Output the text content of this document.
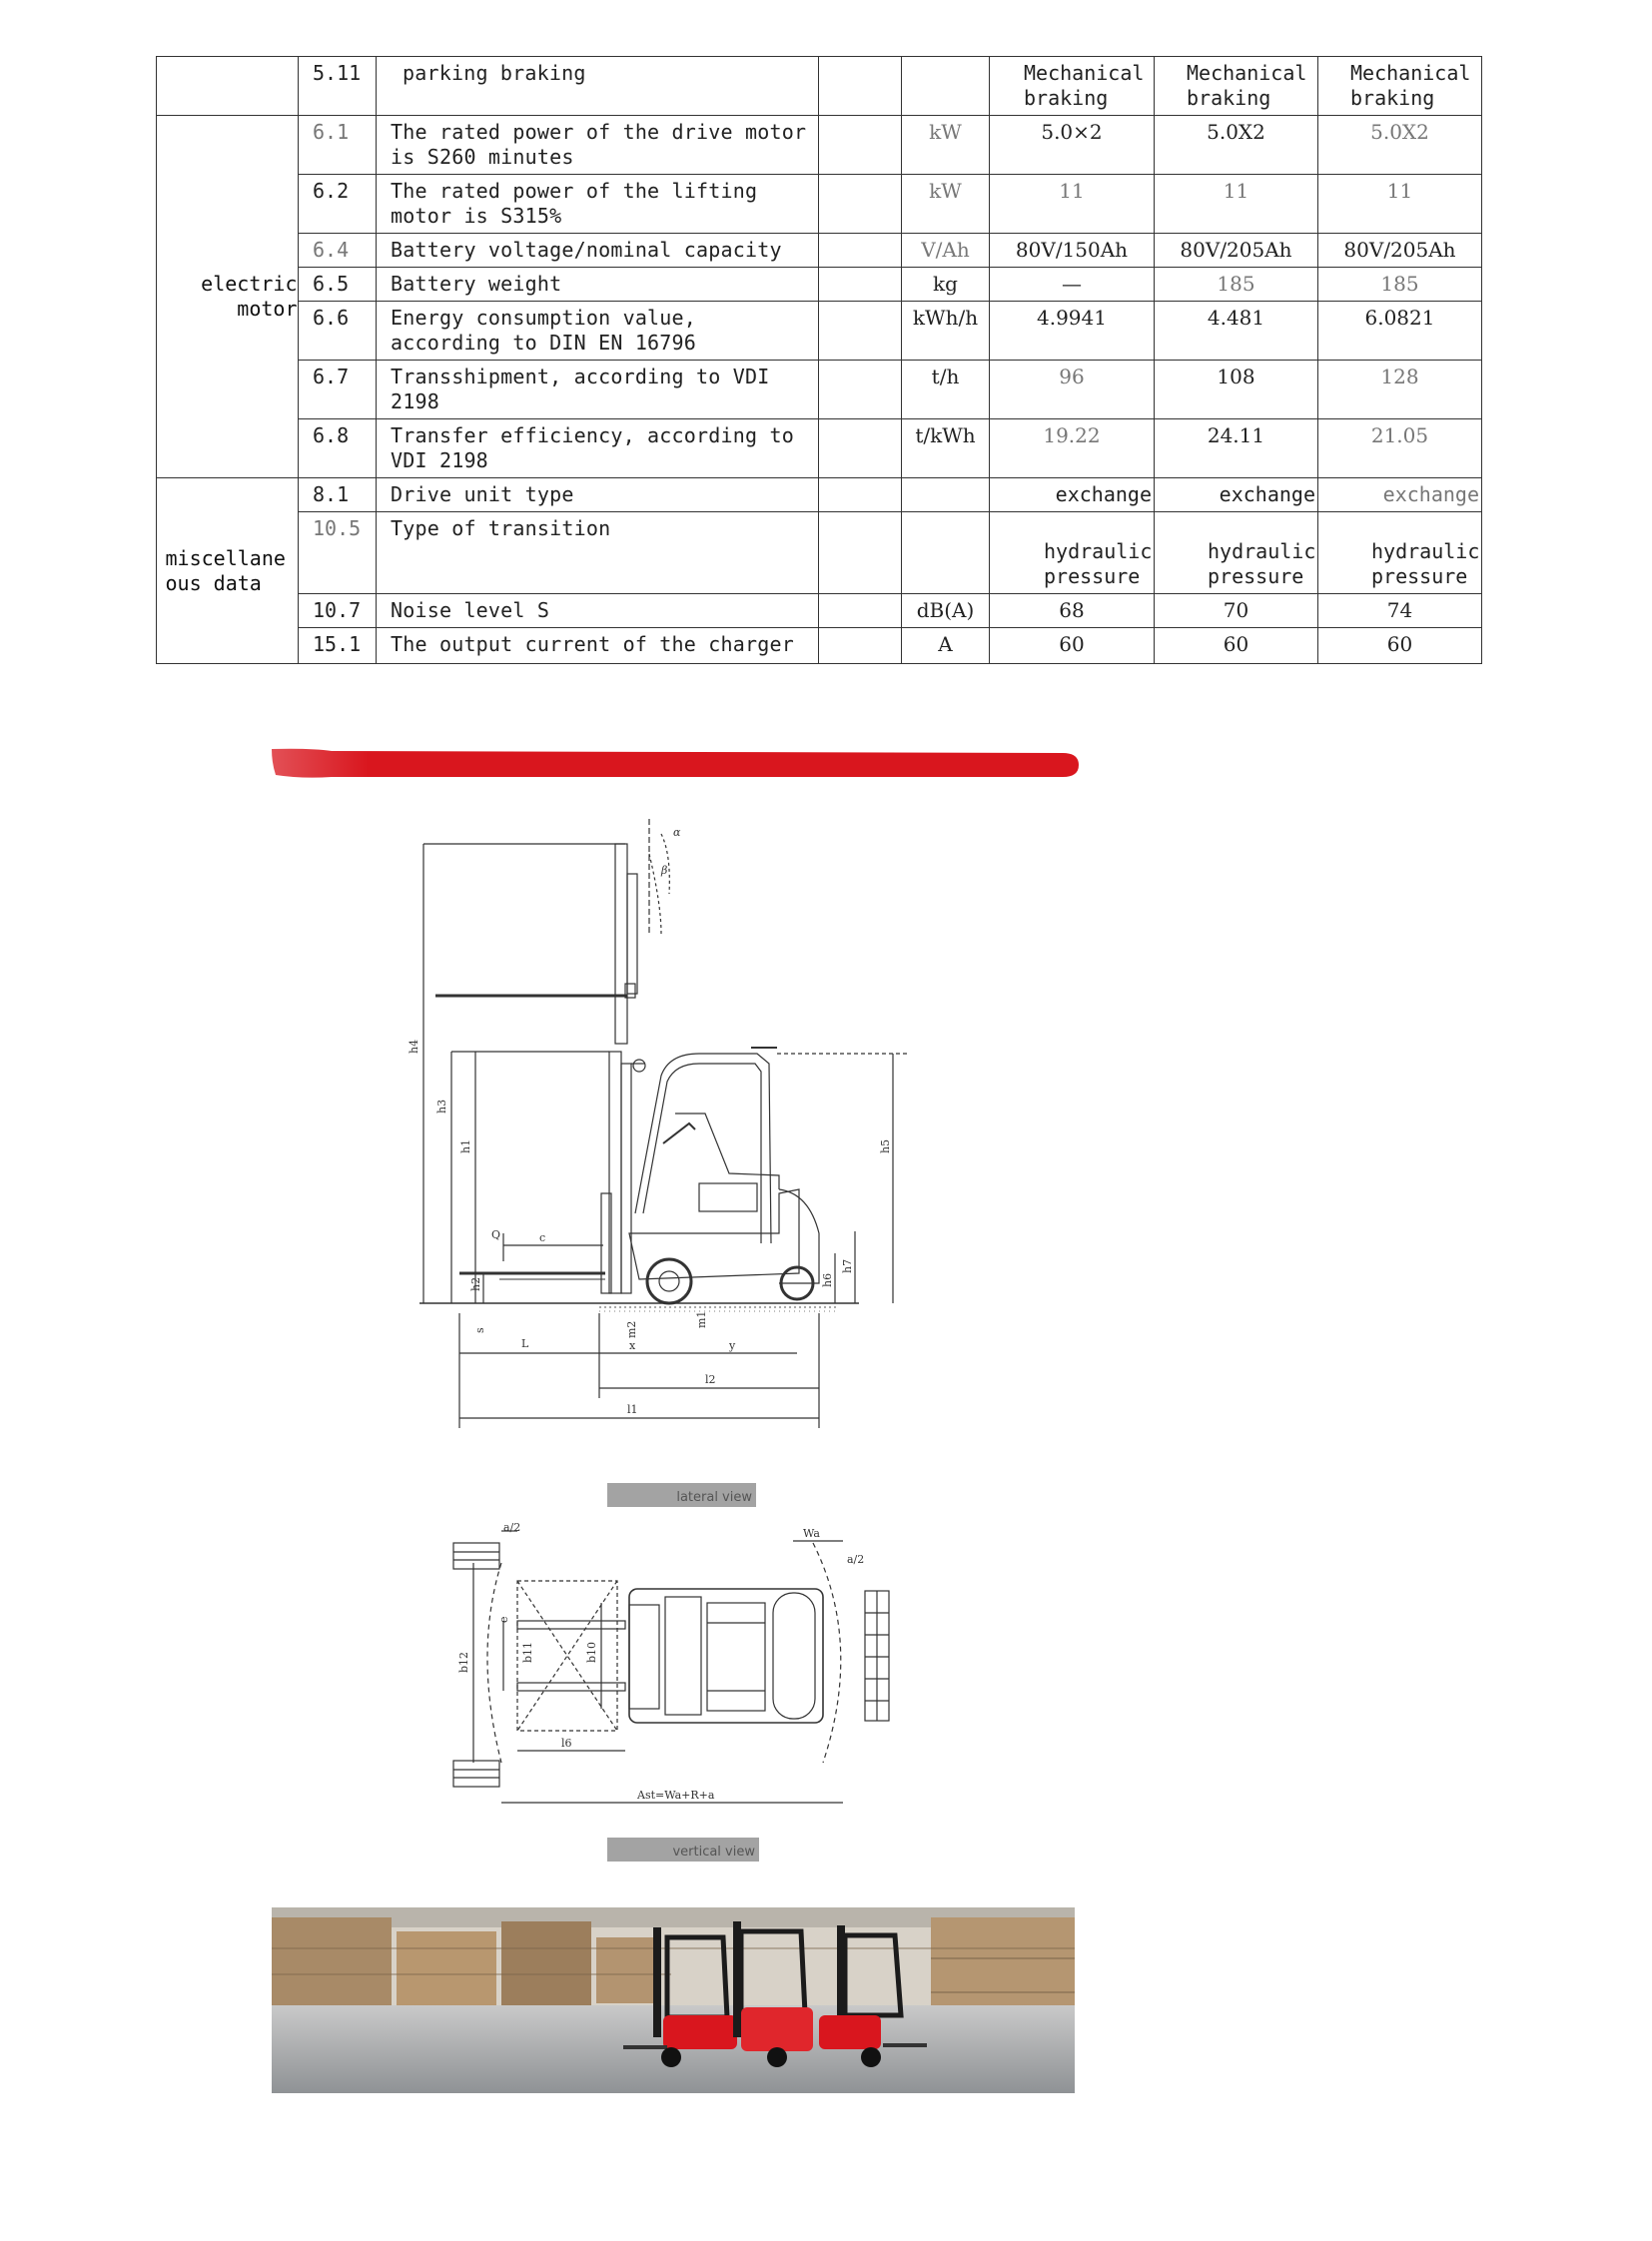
	5.11	parking braking			Mechanical braking	Mechanical braking	Mechanical braking
electric motor	6.1	The rated power of the drive motor is S260 minutes		kW	5.0×2	5.0X2	5.0X2
	6.2	The rated power of the lifting motor is S315%		kW	11	11	11
	6.4	Battery voltage/nominal capacity		V/Ah	80V/150Ah	80V/205Ah	80V/205Ah
	6.5	Battery weight		kg	—	185	185
	6.6	Energy consumption value, according to DIN EN 16796		kWh/h	4.9941	4.481	6.0821
	6.7	Transshipment, according to VDI 2198		t/h	96	108	128
	6.8	Transfer efficiency, according to VDI 2198		t/kWh	19.22	24.11	21.05
miscellaneous data	8.1	Drive unit type			exchange	exchange	exchange
	10.5	Type of transition			hydraulic pressure	hydraulic pressure	hydraulic pressure
	10.7	Noise level S		dB(A)	68	70	74
	15.1	The output current of the charger		A	60	60	60
α
β
h4
h3
h1
h2
h5
h7
h6
Q	c
s	m2
m1
L	x	y
l2
l1
lateral view
a/2
a/2
Wa
b12	b11	b10
e
l6
Ast=Wa+R+a
vertical view
